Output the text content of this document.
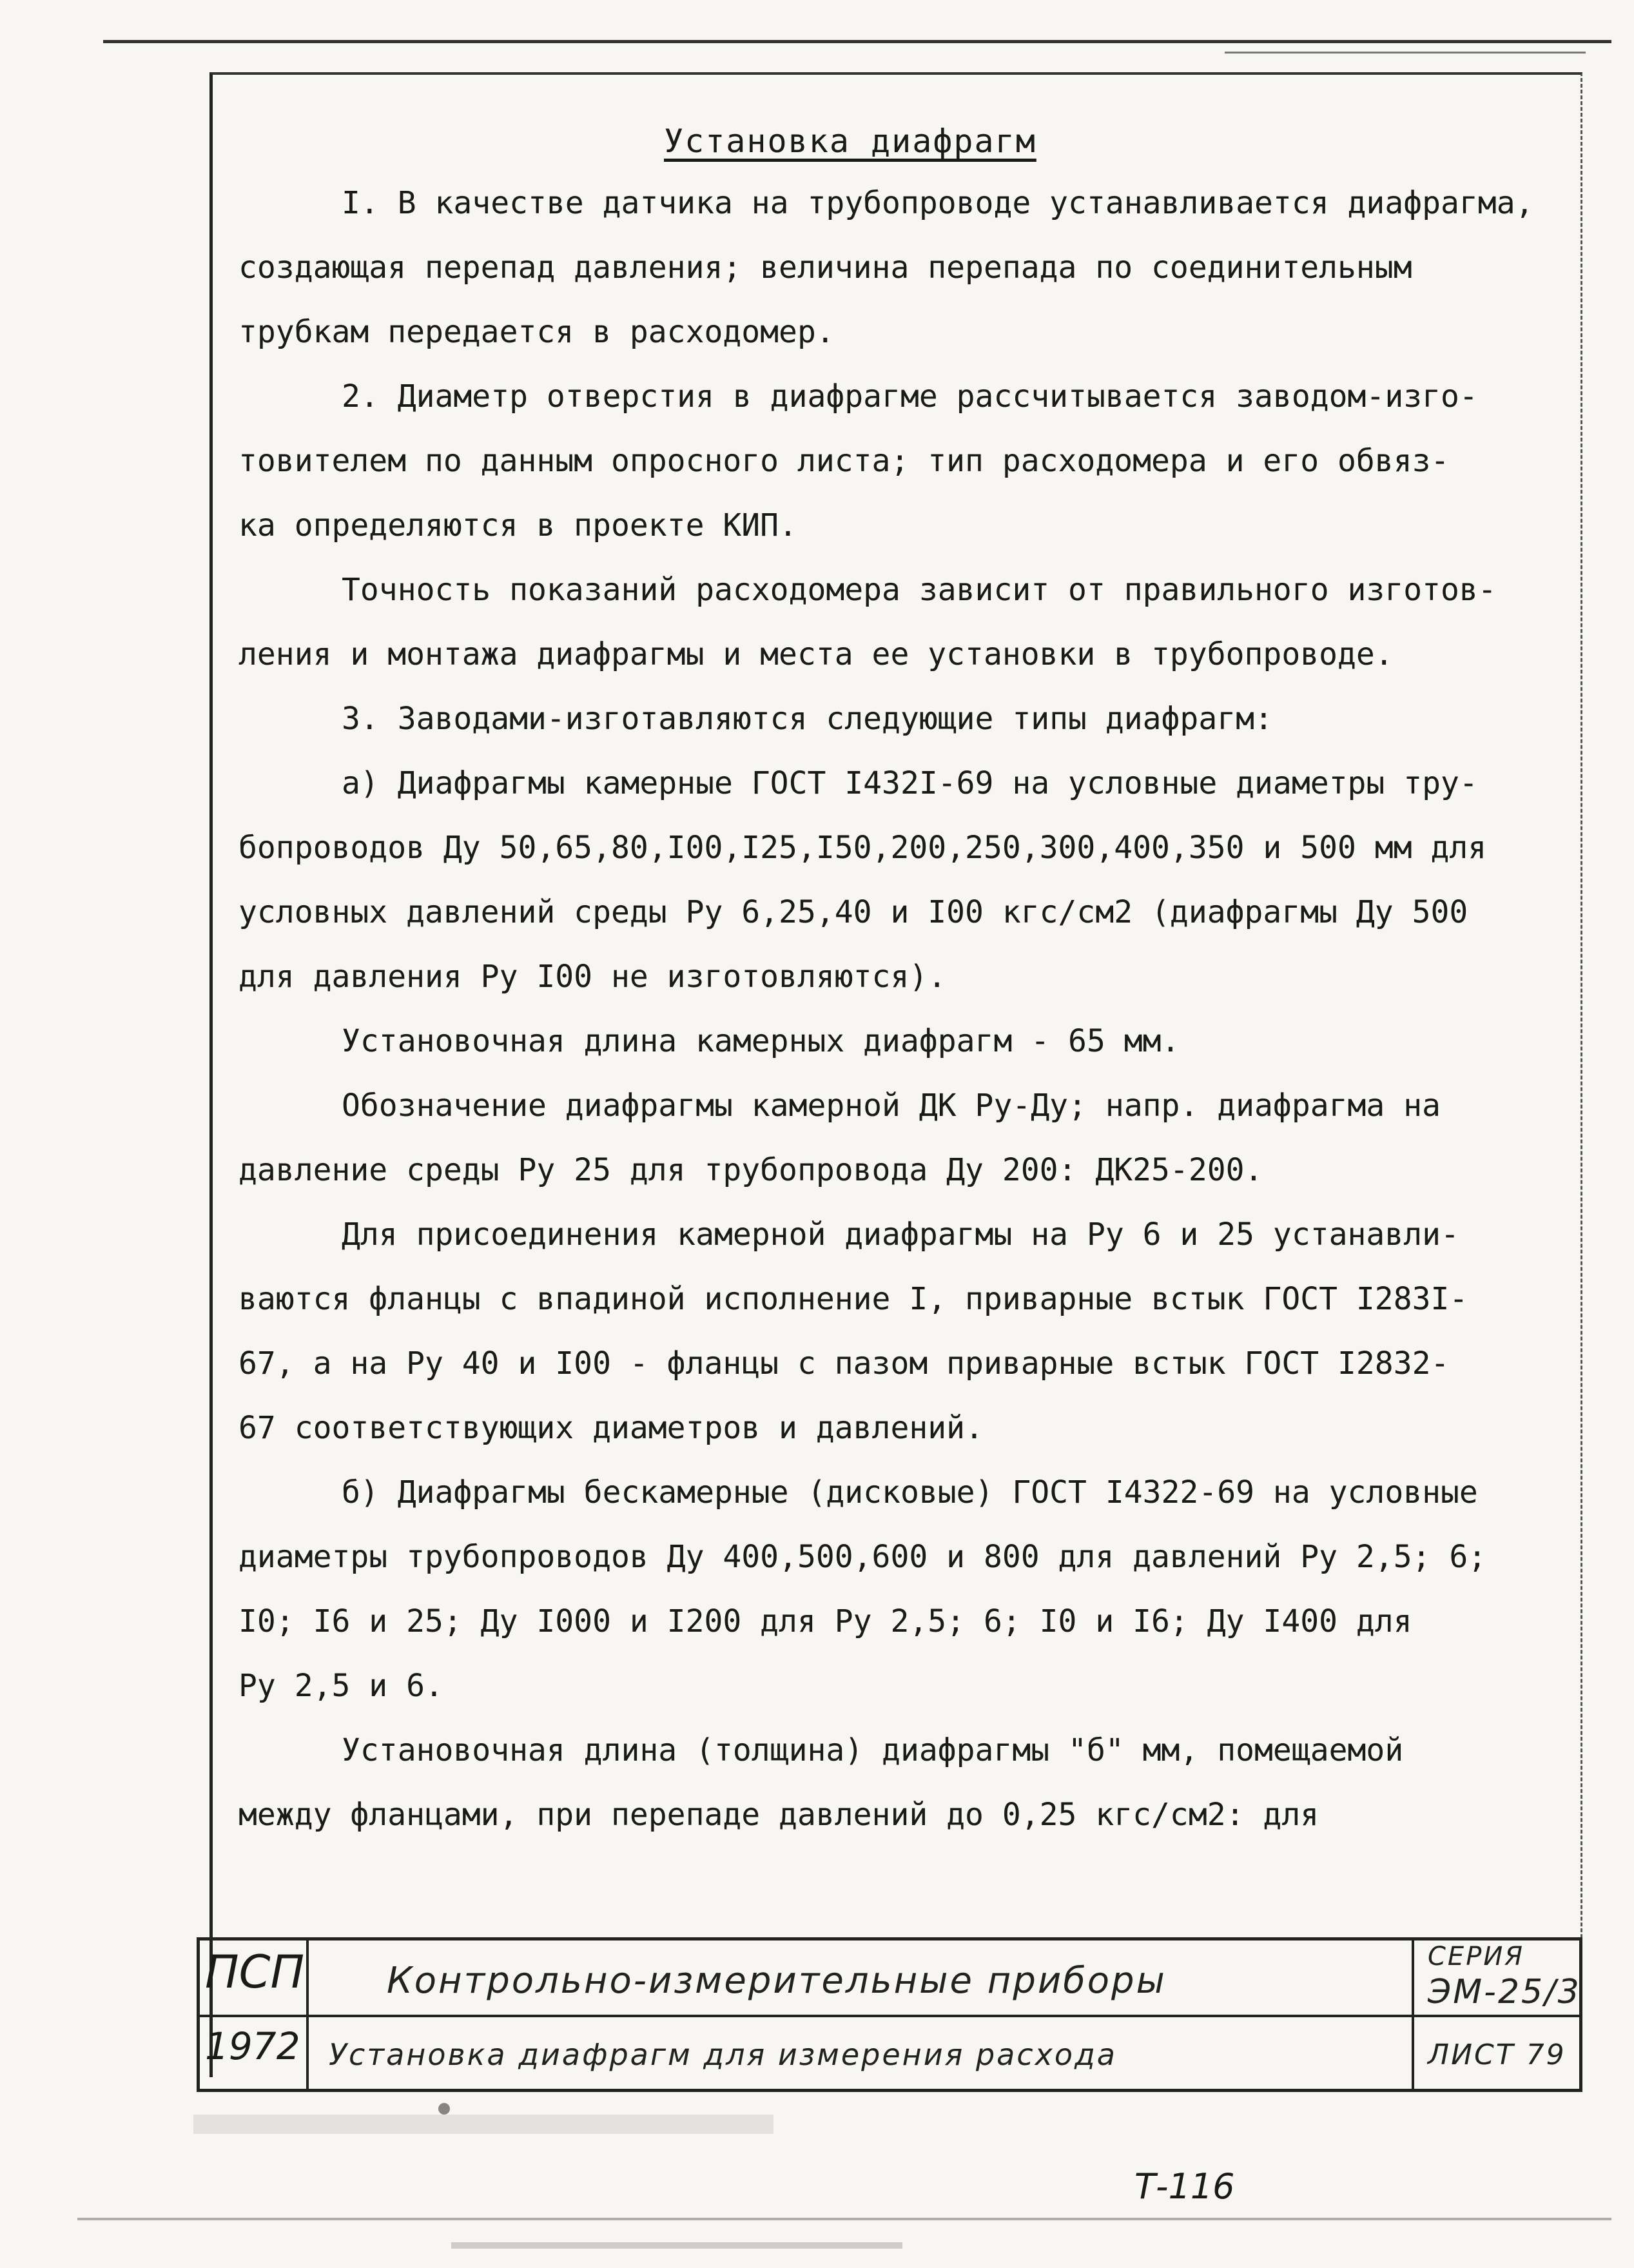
Установка диафрагм

I. В качестве датчика на трубопроводе устанавливается диафрагма,

создающая перепад давления; величина перепада по соединительным

трубкам передается в расходомер.

2. Диаметр отверстия в диафрагме рассчитывается заводом-изго-

товителем по данным опросного листа; тип расходомера и его обвяз-

ка определяются в проекте КИП.

Точность показаний расходомера зависит от правильного изготов-

ления и монтажа диафрагмы и места ее установки в трубопроводе.

3. Заводами-изготавляются следующие типы диафрагм:

а) Диафрагмы камерные ГОСТ I432I-69 на условные диаметры тру-

бопроводов Ду 50,65,80,I00,I25,I50,200,250,300,400,350 и 500 мм для

условных давлений среды Ру 6,25,40 и I00 кгс/см2 (диафрагмы Ду 500

для давления Ру I00 не изготовляются).

Установочная длина камерных диафрагм - 65 мм.

Обозначение диафрагмы камерной ДК Ру-Ду; напр. диафрагма на

давление среды Ру 25 для трубопровода Ду 200: ДК25-200.

Для присоединения камерной диафрагмы на Ру 6 и 25 устанавли-

ваются фланцы с впадиной исполнение I, приварные встык ГОСТ I283I-

67, а на Ру 40 и I00 - фланцы с пазом приварные встык ГОСТ I2832-

67 соответствующих диаметров и давлений.

б) Диафрагмы бескамерные (дисковые) ГОСТ I4322-69 на условные

диаметры трубопроводов Ду 400,500,600 и 800 для давлений Ру 2,5; 6;

I0; I6 и 25; Ду I000 и I200 для Ру 2,5; 6; I0 и I6; Ду I400 для

Ру 2,5 и 6.

Установочная длина (толщина) диафрагмы "б" мм, помещаемой

между фланцами, при перепаде давлений до 0,25 кгс/см2: для

ПСП
1972
Контрольно-измерительные приборы
Установка диафрагм для измерения расхода
СЕРИЯ
ЭМ-25/3
ЛИСТ 79
Т-116
